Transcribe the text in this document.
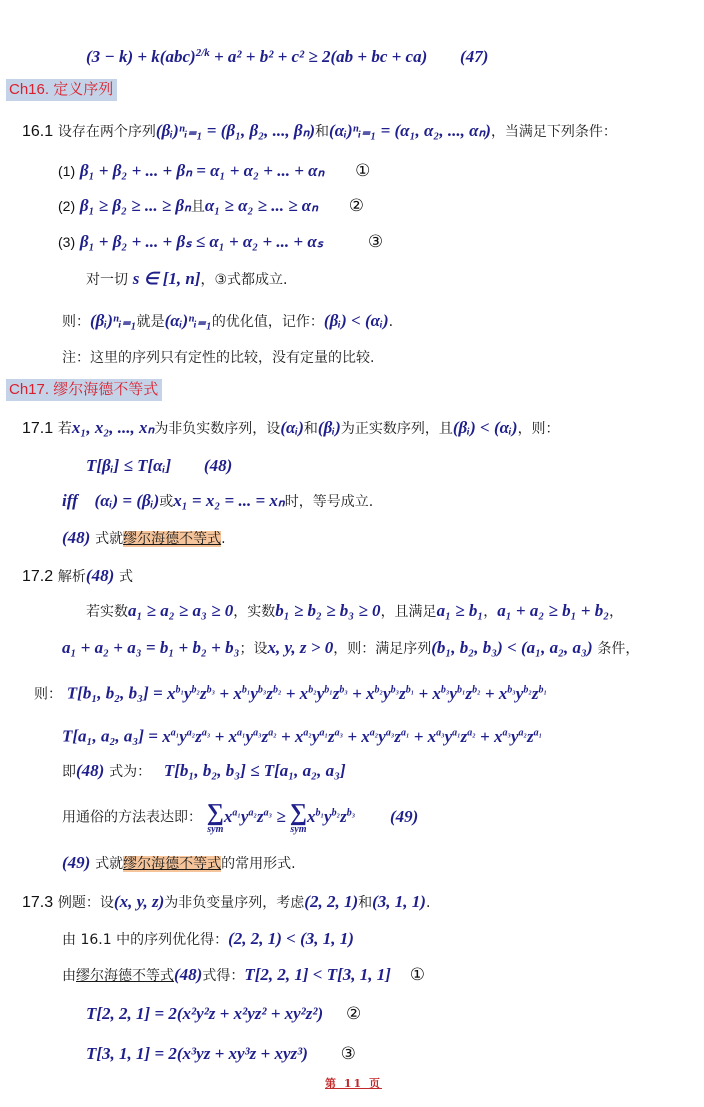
(3 − k) + k(abc)$^{2/k}$ + a² + b² + c² ≥ 2(ab + bc + ca) (47)
Ch16. 定义序列
16.1 设存在两个序列(βᵢ)ⁿᵢ₌₁ = (β₁, β₂, ..., βₙ)和(αᵢ)ⁿᵢ₌₁ = (α₁, α₂, ..., αₙ)，当满足下列条件：
(1) β₁ + β₂ + ... + βₙ = α₁ + α₂ + ... + αₙ ①
(2) β₁ ≥ β₂ ≥ ... ≥ βₙ且α₁ ≥ α₂ ≥ ... ≥ αₙ ②
(3) β₁ + β₂ + ... + βₛ ≤ α₁ + α₂ + ... + αₛ	③
对一切 s ∈ [1, n]，③式都成立.
则：(βᵢ)ⁿᵢ₌₁就是(αᵢ)ⁿᵢ₌₁的优化值，记作：(βᵢ) < (αᵢ).
注：这里的序列只有定性的比较，没有定量的比较.
Ch17. 缪尔海德不等式
17.1 若x₁, x₂, ..., xₙ为非负实数序列，设(αᵢ)和(βᵢ)为正实数序列，且(βᵢ) < (αᵢ)，则：
T[βᵢ] ≤ T[αᵢ] (48)
iff (αᵢ) = (βᵢ)或x₁ = x₂ = ... = xₙ时，等号成立.
(48) 式就缪尔海德不等式.
17.2 解析(48) 式
若实数a₁ ≥ a₂ ≥ a₃ ≥ 0，实数b₁ ≥ b₂ ≥ b₃ ≥ 0，且满足a₁ ≥ b₁，a₁ + a₂ ≥ b₁ + b₂，
a₁ + a₂ + a₃ = b₁ + b₂ + b₃；设x, y, z > 0，则：满足序列(b₁, b₂, b₃) < (a₁, a₂, a₃) 条件，
则： T[b₁, b₂, $b_3] = x^{b_1}y^{b_2}z^{b_3} + x^{b_1}y^{b_3}z^{b_2} + x^{b_2}y^{b_1}z^{b_3} + x^{b_2}y^{b_3}z^{b_1} + x^{b_3}y^{b_1}z^{b_2} + x^{b_3}y^{b_2}z^{b_1}$
T[a₁, a₂, $a_3] = x^{a_1}y^{a_2}z^{a_3} + x^{a_1}y^{a_3}z^{a_2} + x^{a_2}y^{a_1}z^{a_3} + x^{a_2}y^{a_3}z^{a_1} + x^{a_3}y^{a_1}z^{a_2} + x^{a_3}y^{a_2}z^{a_1}$
即(48) 式为： T[b₁, b₂, b₃] ≤ T[a₁, a₂, a₃]
用通俗的方法表达即： ∑
sym
$x^{a_1}y^{a_2}z^{a_3}$ ≥ ∑
sym
$x^{b_1}y^{b_2}z^{b_3}$ (49)
(49) 式就缪尔海德不等式的常用形式.
17.3 例题：设(x, y, z)为非负变量序列，考虑(2, 2, 1)和(3, 1, 1).
由 16.1 中的序列优化得：(2, 2, 1) < (3, 1, 1)
由缪尔海德不等式(48)式得：T[2, 2, 1] < T[3, 1, 1] ①
T[2, 2, 1] = 2(x²y²z + x²yz² + xy²z²) ②
T[3, 1, 1] = 2(x³yz + xy³z + xyz³) ③
第 11 页
